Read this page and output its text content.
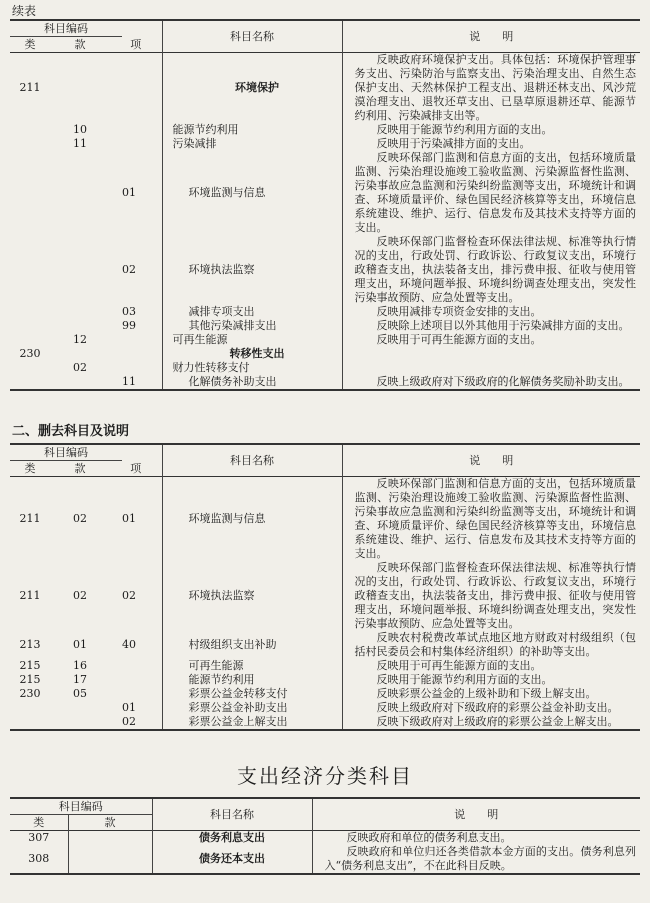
续表
科目编码				科目名称	说　　明
类	款	项			
211				环境保护	反映政府环境保护支出。具体包括：环境保护管理事务支出、污染防治与监察支出、污染治理支出、自然生态保护支出、天然林保护工程支出、退耕还林支出、风沙荒漠治理支出、退牧还草支出、已垦草原退耕还草、能源节约利用、污染减排支出等。
	10			能源节约利用	反映用于能源节约利用方面的支出。
	11			污染减排	反映用于污染减排方面的支出。
			01	环境监测与信息	反映环保部门监测和信息方面的支出，包括环境质量监测、污染治理设施竣工验收监测、污染源监督性监测、污染事故应急监测和污染纠纷监测等支出，环境统计和调查、环境质量评价、绿色国民经济核算等支出，环境信息系统建设、维护、运行、信息发布及其技术支持等方面的支出。
			02	环境执法监察	反映环保部门监督检查环保法律法规、标准等执行情况的支出，行政处罚、行政诉讼、行政复议支出，环境行政稽查支出，执法装备支出，排污费申报、征收与使用管理支出，环境问题举报、环境纠纷调查处理支出，突发性污染事故预防、应急处置等支出。
			03	减排专项支出	反映用减排专项资金安排的支出。
			99	其他污染减排支出	反映除上述项目以外其他用于污染减排方面的支出。
	12			可再生能源	反映用于可再生能源方面的支出。
230				转移性支出	
	02			财力性转移支付	
			11	化解债务补助支出	反映上级政府对下级政府的化解债务奖励补助支出。
二、删去科目及说明
科目编码				科目名称	说　　明
类	款	项			
211	02		01	环境监测与信息	反映环保部门监测和信息方面的支出，包括环境质量监测、污染治理设施竣工验收监测、污染源监督性监测、污染事故应急监测和污染纠纷监测等支出，环境统计和调查、环境质量评价、绿色国民经济核算等支出，环境信息系统建设、维护、运行、信息发布及其技术支持等方面的支出。
211	02		02	环境执法监察	反映环保部门监督检查环保法律法规、标准等执行情况的支出，行政处罚、行政诉讼、行政复议支出，环境行政稽查支出，执法装备支出，排污费申报、征收与使用管理支出，环境问题举报、环境纠纷调查处理支出，突发性污染事故预防、应急处置等支出。
213	01		40	村级组织支出补助	反映农村税费改革试点地区地方财政对村级组织（包括村民委员会和村集体经济组织）的补助等支出。
215	16			可再生能源	反映用于可再生能源方面的支出。
215	17			能源节约利用	反映用于能源节约利用方面的支出。
230	05			彩票公益金转移支付	反映彩票公益金的上级补助和下级上解支出。
			01	彩票公益金补助支出	反映上级政府对下级政府的彩票公益金补助支出。
			02	彩票公益金上解支出	反映下级政府对上级政府的彩票公益金上解支出。
支出经济分类科目
科目编码		科目名称	说　　明
类	款		
307		债务利息支出	反映政府和单位的债务利息支出。
308		债务还本支出	反映政府和单位归还各类借款本金方面的支出。债务利息列入“债务利息支出”，不在此科目反映。
